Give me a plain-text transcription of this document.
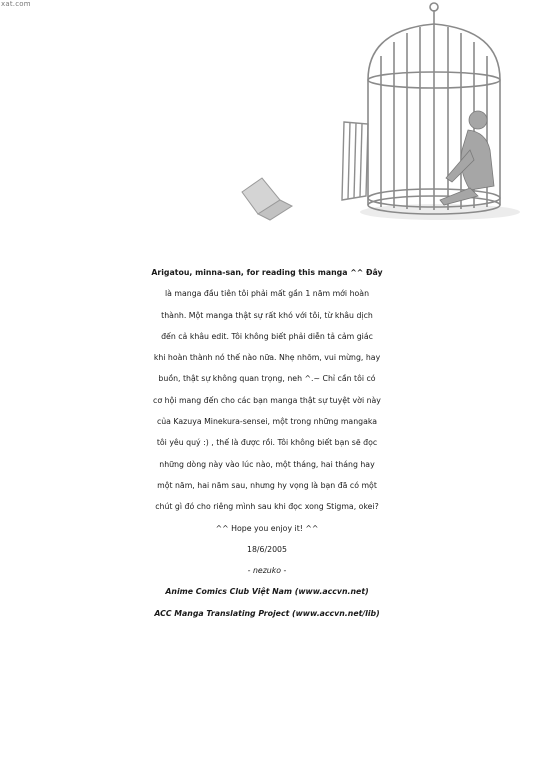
xat.com
Arigatou, minna-san, for reading this manga ^^ Đây
là manga đầu tiên tôi phải mất gần 1 năm mới hoàn
thành. Một manga thật sự rất khó với tôi, từ khâu dịch
đến cả khâu edit. Tôi không biết phải diễn tả cảm giác
khi hoàn thành nó thế nào nữa. Nhẹ nhõm, vui mừng, hay
buồn, thật sự không quan trọng, neh ^.~ Chỉ cần tôi có
cơ hội mang đến cho các bạn manga thật sự tuyệt vời này
của Kazuya Minekura-sensei, một trong những mangaka
tôi yêu quý :) , thế là được rồi. Tôi không biết bạn sẽ đọc
những dòng này vào lúc nào, một tháng, hai tháng hay
một năm, hai năm sau, nhưng hy vọng là bạn đã có một
chút gì đó cho riêng mình sau khi đọc xong Stigma, okei?
^^ Hope you enjoy it! ^^
18/6/2005
- nezuko -
Anime Comics Club Việt Nam (www.accvn.net)
ACC Manga Translating Project (www.accvn.net/lib)
